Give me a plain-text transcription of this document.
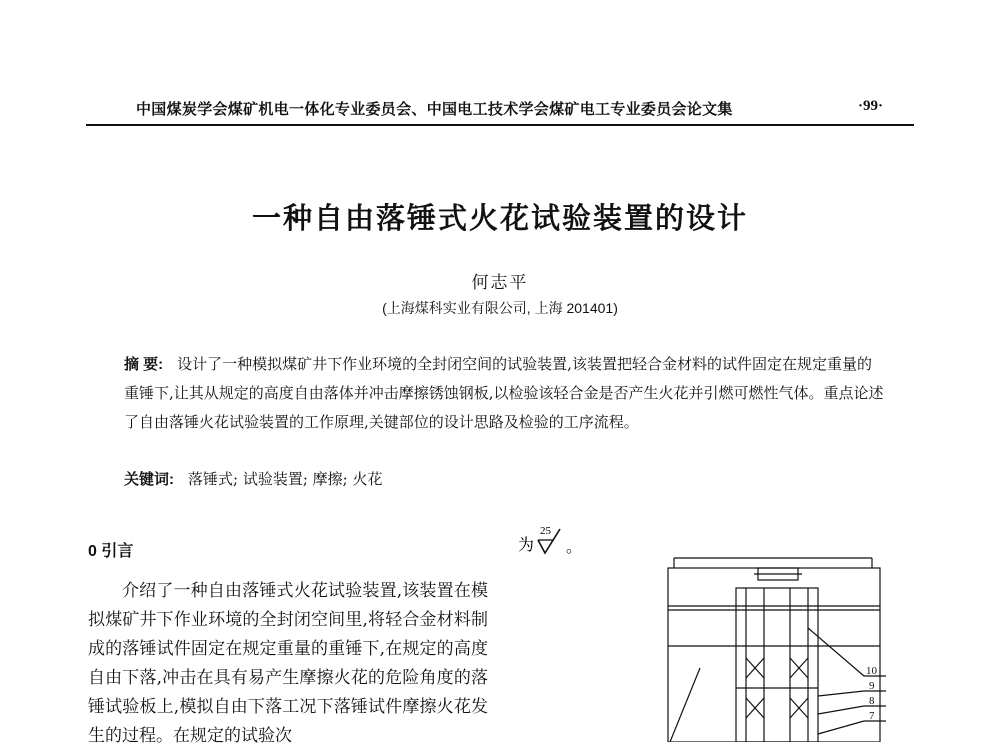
中国煤炭学会煤矿机电一体化专业委员会、中国电工技术学会煤矿电工专业委员会论文集	·99·
一种自由落锤式火花试验装置的设计
何志平
(上海煤科实业有限公司, 上海 201401)
摘 要: 设计了一种模拟煤矿井下作业环境的全封闭空间的试验装置,该装置把轻合金材料的试件固定在规定重量的重锤下,让其从规定的高度自由落体并冲击摩擦锈蚀钢板,以检验该轻合金是否产生火花并引燃可燃性气体。重点论述了自由落锤火花试验装置的工作原理,关键部位的设计思路及检验的工序流程。
关键词: 落锤式; 试验装置; 摩擦; 火花
0 引言
介绍了一种自由落锤式火花试验装置,该装置在模拟煤矿井下作业环境的全封闭空间里,将轻合金材料制成的落锤试件固定在规定重量的重锤下,在规定的高度自由下落,冲击在具有易产生摩擦火花的危险角度的落锤试验板上,模拟自由下落工况下落锤试件摩擦火花发生的过程。在规定的试验次
为
25
。
10
9
8
7
